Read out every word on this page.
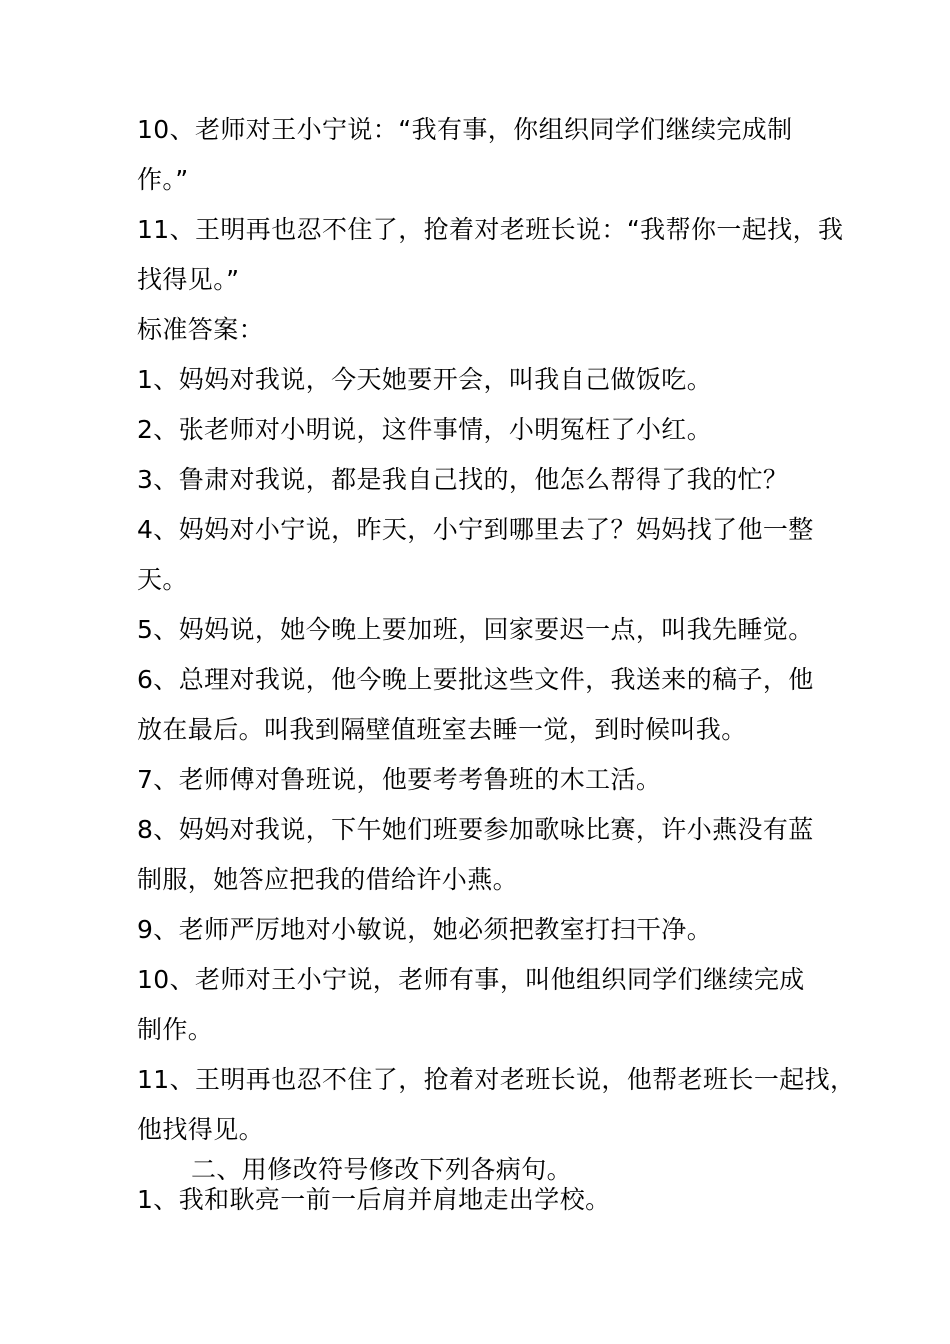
10、老师对王小宁说：“我有事，你组织同学们继续完成制
作。”
11、王明再也忍不住了，抢着对老班长说：“我帮你一起找，我
找得见。”
标准答案：
1、妈妈对我说，今天她要开会，叫我自己做饭吃。
2、张老师对小明说，这件事情，小明冤枉了小红。
3、鲁肃对我说，都是我自己找的，他怎么帮得了我的忙？
4、妈妈对小宁说，昨天，小宁到哪里去了？妈妈找了他一整
天。
5、妈妈说，她今晚上要加班，回家要迟一点，叫我先睡觉。
6、总理对我说，他今晚上要批这些文件，我送来的稿子，他
放在最后。叫我到隔壁值班室去睡一觉，到时候叫我。
7、老师傅对鲁班说，他要考考鲁班的木工活。
8、妈妈对我说，下午她们班要参加歌咏比赛，许小燕没有蓝
制服，她答应把我的借给许小燕。
9、老师严厉地对小敏说，她必须把教室打扫干净。
10、老师对王小宁说，老师有事，叫他组织同学们继续完成
制作。
11、王明再也忍不住了，抢着对老班长说，他帮老班长一起找，
他找得见。
二、用修改符号修改下列各病句。
1、我和耿亮一前一后肩并肩地走出学校。
